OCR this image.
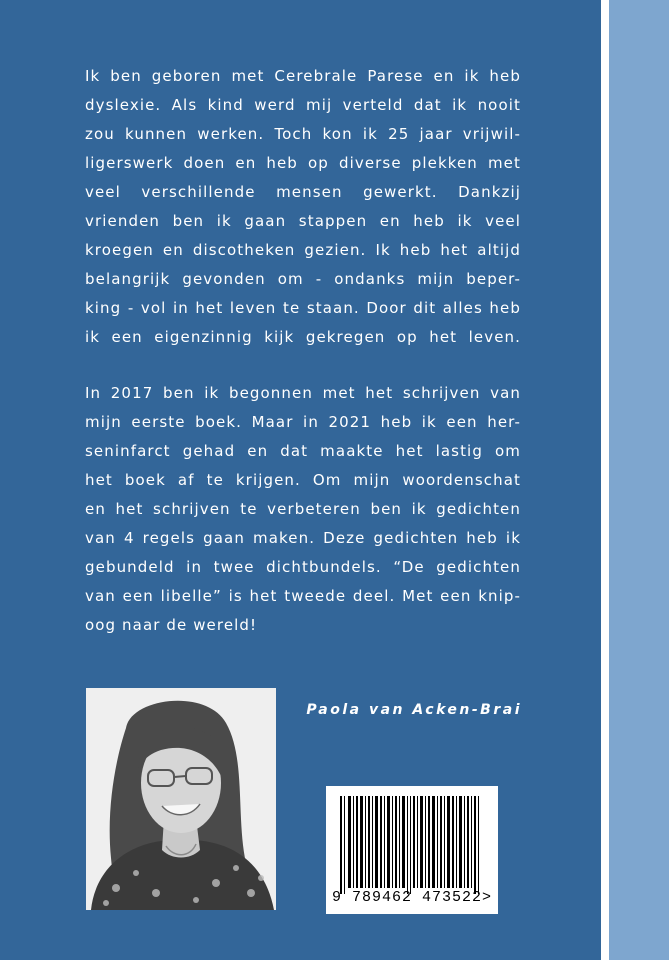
Ik ben geboren met Cerebrale Parese en ik heb
dyslexie. Als kind werd mij verteld dat ik nooit
zou kunnen werken. Toch kon ik 25 jaar vrijwil-
ligerswerk doen en heb op diverse plekken met
veel verschillende mensen gewerkt. Dankzij
vrienden ben ik gaan stappen en heb ik veel
kroegen en discotheken gezien. Ik heb het altijd
belangrijk gevonden om - ondanks mijn beper-
king - vol in het leven te staan. Door dit alles heb
ik een eigenzinnig kijk gekregen op het leven.
In 2017 ben ik begonnen met het schrijven van
mijn eerste boek. Maar in 2021 heb ik een her-
seninfarct gehad en dat maakte het lastig om
het boek af te krijgen. Om mijn woordenschat
en het schrijven te verbeteren ben ik gedichten
van 4 regels gaan maken. Deze gedichten heb ik
gebundeld in twee dichtbundels. “De gedichten
van een libelle” is het tweede deel. Met een knip-
oog naar de wereld!
Paola van Acken-Brai
9 789462 473522>
